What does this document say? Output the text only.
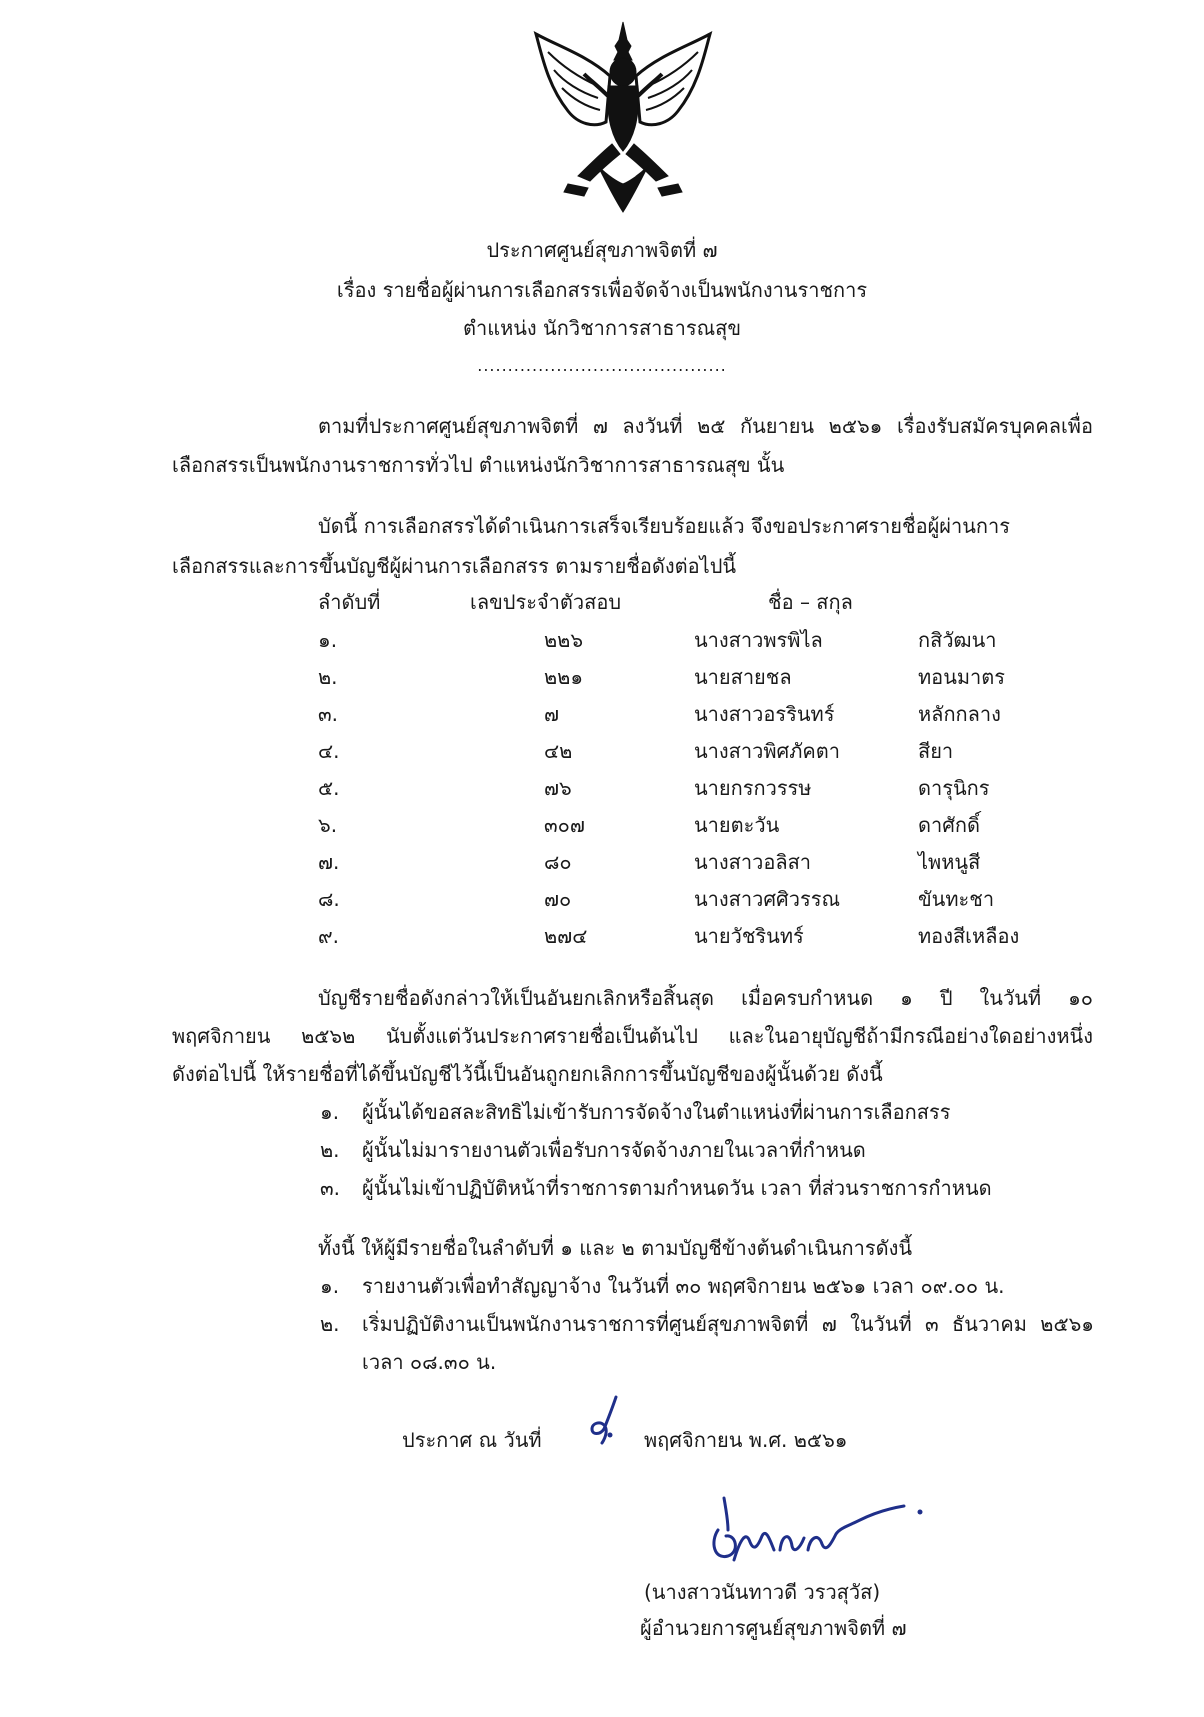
ประกาศศูนย์สุขภาพจิตที่ ๗
เรื่อง รายชื่อผู้ผ่านการเลือกสรรเพื่อจัดจ้างเป็นพนักงานราชการ
ตำแหน่ง นักวิชาการสาธารณสุข
.........................................
ตามที่ประกาศศูนย์สุขภาพจิตที่ ๗ ลงวันที่ ๒๕ กันยายน ๒๕๖๑ เรื่องรับสมัครบุคคลเพื่อ
เลือกสรรเป็นพนักงานราชการทั่วไป ตำแหน่งนักวิชาการสาธารณสุข นั้น
บัดนี้ การเลือกสรรได้ดำเนินการเสร็จเรียบร้อยแล้ว จึงขอประกาศรายชื่อผู้ผ่านการ
เลือกสรรและการขึ้นบัญชีผู้ผ่านการเลือกสรร ตามรายชื่อดังต่อไปนี้
ลำดับที่	เลขประจำตัวสอบ	ชื่อ – สกุล
๑.	๒๒๖	นางสาวพรพิไล	กสิวัฒนา
๒.	๒๒๑	นายสายชล	ทอนมาตร
๓.	๗	นางสาวอรรินทร์	หลักกลาง
๔.	๔๒	นางสาวพิศภัคตา	สียา
๕.	๗๖	นายกรกวรรษ	ดารุนิกร
๖.	๓๐๗	นายตะวัน	ดาศักดิ์
๗.	๘๐	นางสาวอลิสา	ไพหนูสี
๘.	๗๐	นางสาวศศิวรรณ	ขันทะชา
๙.	๒๗๔	นายวัชรินทร์	ทองสีเหลือง
บัญชีรายชื่อดังกล่าวให้เป็นอันยกเลิกหรือสิ้นสุด เมื่อครบกำหนด ๑ ปี ในวันที่ ๑๐
พฤศจิกายน ๒๕๖๒ นับตั้งแต่วันประกาศรายชื่อเป็นต้นไป และในอายุบัญชีถ้ามีกรณีอย่างใดอย่างหนึ่ง
ดังต่อไปนี้ ให้รายชื่อที่ได้ขึ้นบัญชีไว้นี้เป็นอันถูกยกเลิกการขึ้นบัญชีของผู้นั้นด้วย ดังนี้
๑. ผู้นั้นได้ขอสละสิทธิไม่เข้ารับการจัดจ้างในตำแหน่งที่ผ่านการเลือกสรร
๒. ผู้นั้นไม่มารายงานตัวเพื่อรับการจัดจ้างภายในเวลาที่กำหนด
๓. ผู้นั้นไม่เข้าปฏิบัติหน้าที่ราชการตามกำหนดวัน เวลา ที่ส่วนราชการกำหนด
ทั้งนี้ ให้ผู้มีรายชื่อในลำดับที่ ๑ และ ๒ ตามบัญชีข้างต้นดำเนินการดังนี้
๑. รายงานตัวเพื่อทำสัญญาจ้าง ในวันที่ ๓๐ พฤศจิกายน ๒๕๖๑ เวลา ๐๙.๐๐ น.
๒. เริ่มปฏิบัติงานเป็นพนักงานราชการที่ศูนย์สุขภาพจิตที่ ๗ ในวันที่ ๓ ธันวาคม ๒๕๖๑
เวลา ๐๘.๓๐ น.
ประกาศ ณ วันที่	พฤศจิกายน พ.ศ. ๒๕๖๑
(นางสาวนันทาวดี วรวสุวัส)
ผู้อำนวยการศูนย์สุขภาพจิตที่ ๗
